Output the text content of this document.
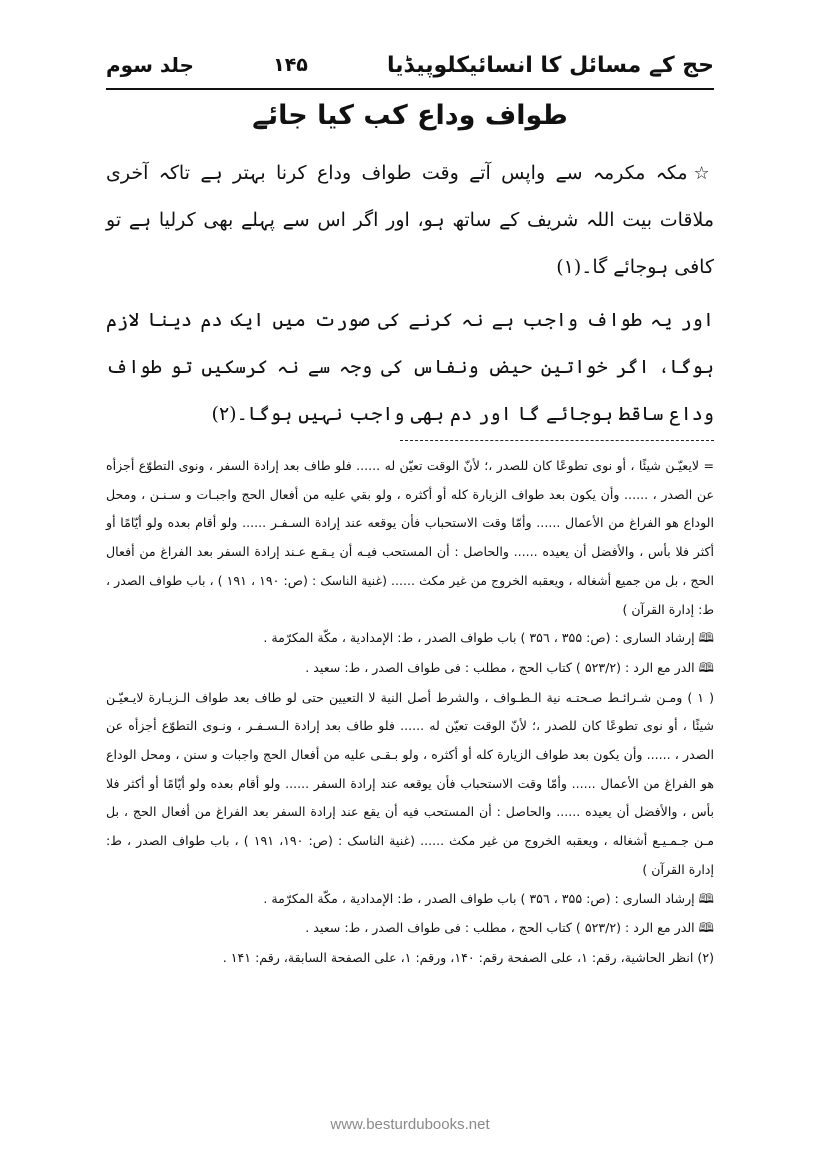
حج کے مسائل کا انسائیکلوپیڈیا
۱۴۵
جلد سوم
طواف وداع کب کیا جائے

☆مکہ مکرمہ سے واپس آتے وقت طواف وداع کرنا بہتر ہے تاکہ آخری ملاقات بیت اللہ شریف کے ساتھ ہو، اور اگر اس سے پہلے بھی کرلیا ہے تو کافی ہوجائے گا۔(۱)

اور یہ طواف واجب ہے نہ کرنے کی صورت میں ایک دم دینا لازم ہوگا، اگر خواتین حیض ونفاس کی وجہ سے نہ کرسکیں تو طواف وداع ساقط ہوجائے گا اور دم بھی واجب نہیں ہوگا۔(۲)

= لايعيّـن شيئًا ، أو نوى تطوعًا كان للصدر ،؛ لأنّ الوقت تعيّن له ...... فلو طاف بعد إرادة السفر ، ونوى التطوّع أجزأه عن الصدر ، ...... وأن يكون بعد طواف الزيارة كله أو أكثره ، ولو بقي عليه من أفعال الحج واجبـات و سـنـن ، ومحل الوداع هو الفراغ من الأعمال ...... وأمّا وقت الاستحباب فأن يوقعه عند إرادة السـفـر ...... ولو أقام بعده ولو أيّامًا أو أكثر فلا بأس ، والأفضل أن يعيده ...... والحاصل : أن المستحب فيـه أن يـقـع عـند إرادة السفر بعد الفراغ من أفعال الحج ، بل من جميع أشغاله ، ويعقبه الخروج من غير مكث ...... (غنية الناسک : (ص: ۱۹۰ ، ۱۹۱ ) ، باب طواف الصدر ، ط: إدارة القرآن )

🕮إرشاد السارى : (ص: ۳۵۵ ، ۳۵٦ ) باب طواف الصدر ، ط: الإمدادية ، مكّة المكرّمة .

🕮الدر مع الرد : (۵۲۳/۲ ) كتاب الحج ، مطلب : فی طواف الصدر ، ط: سعيد .

( ۱ ) ومـن شـرائـط صـحتـه نية الـطـواف ، والشرط أصل النية لا التعيين حتى لو طاف بعد طواف الـزيـارة لايـعيّـن شيئًا ، أو نوى تطوعًا كان للصدر ،؛ لأنّ الوقت تعيّن له ...... فلو طاف بعد إرادة الـسـفـر ، ونـوى التطوّع أجزأه عن الصدر ، ...... وأن يكون بعد طواف الزيارة كله أو أكثره ، ولو بـقـى عليه من أفعال الحج واجبات و سنن ، ومحل الوداع هو الفراغ من الأعمال ...... وأمّا وقت الاستحباب فأن يوقعه عند إرادة السفر ...... ولو أقام بعده ولو أيّامًا أو أكثر فلا بأس ، والأفضل أن يعيده ...... والحاصل : أن المستحب فيه أن يقع عند إرادة السفر بعد الفراغ من أفعال الحج ، بل مـن جـمـيـع أشغاله ، ويعقبه الخروج من غير مكث ...... (غنية الناسک : (ص: ۱۹۰، ۱۹۱ ) ، باب طواف الصدر ، ط: إدارة القرآن )

🕮إرشاد السارى : (ص: ۳۵۵ ، ۳۵٦ ) باب طواف الصدر ، ط: الإمدادية ، مكّة المكرّمة .

🕮الدر مع الرد : (۵۲۳/۲ ) كتاب الحج ، مطلب : فی طواف الصدر ، ط: سعيد .

(۲) انظر الحاشية، رقم: ۱، على الصفحة رقم: ۱۴۰، ورقم: ۱، على الصفحة السابقة، رقم: ۱۴۱ .

www.besturdubooks.net
